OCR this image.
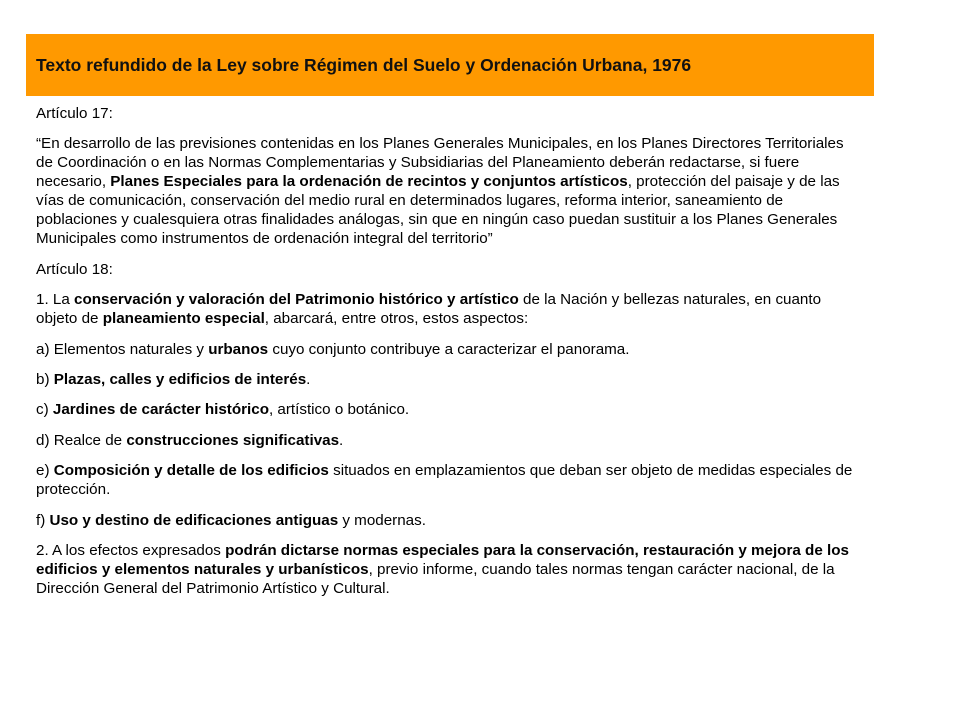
Texto refundido de la Ley sobre Régimen del Suelo y Ordenación Urbana, 1976

Artículo 17:

“En desarrollo de las previsiones contenidas en los Planes Generales Municipales, en los Planes Directores Territoriales de Coordinación o en las Normas Complementarias y Subsidiarias del Planeamiento deberán redactarse, si fuere necesario, Planes Especiales para la ordenación de recintos y conjuntos artísticos, protección del paisaje y de las vías de comunicación, conservación del medio rural en determinados lugares, reforma interior, saneamiento de poblaciones y cualesquiera otras finalidades análogas, sin que en ningún caso puedan sustituir a los Planes Generales Municipales como instrumentos de ordenación integral del territorio”

Artículo 18:

1. La conservación y valoración del Patrimonio histórico y artístico de la Nación y bellezas naturales, en cuanto objeto de planeamiento especial, abarcará, entre otros, estos aspectos:

a) Elementos naturales y urbanos cuyo conjunto contribuye a caracterizar el panorama.

b) Plazas, calles y edificios de interés.

c) Jardines de carácter histórico, artístico o botánico.

d) Realce de construcciones significativas.

e) Composición y detalle de los edificios situados en emplazamientos que deban ser objeto de medidas especiales de protección.

f) Uso y destino de edificaciones antiguas y modernas.

2. A los efectos expresados podrán dictarse normas especiales para la conservación, restauración y mejora de los edificios y elementos naturales y urbanísticos, previo informe, cuando tales normas tengan carácter nacional, de la Dirección General del Patrimonio Artístico y Cultural.
